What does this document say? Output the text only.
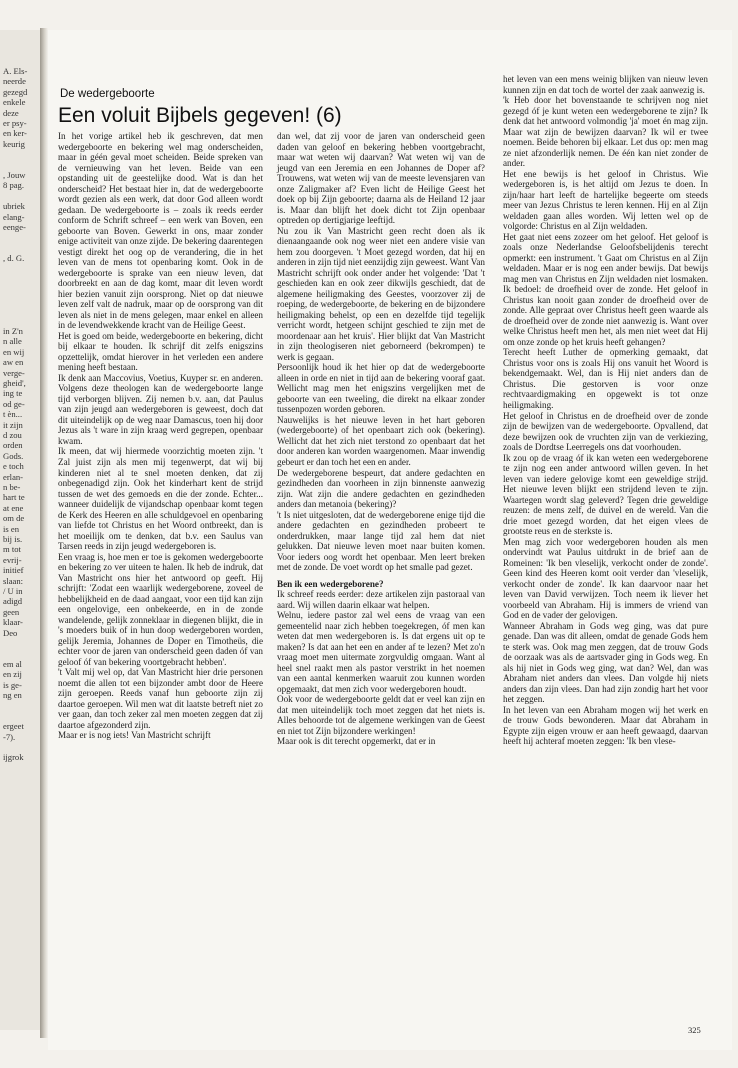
A. Els-
neerde
gezegd
enkele
deze
er psy-
en ker-
keurig
, Jouw
8 pag.
ubriek
elang-
eenge-
, d. G.
in Z'n
n alle
en wij
aw en
verge-
gheid',
ing te
od ge-
t èn...
it zijn
d zou
orden
Gods.
e toch
erlan-
n be-
hart te
at ene
om de
is en
bij is.
m tot
evrij-
initief
slaan:
/ U in
adigd
geen
klaar-
Deo
em al
en zij
is ge-
ng en
ergeet
-7).
ijgrok
De wedergeboorte
Een voluit Bijbels gegeven! (6)

In het vorige artikel heb ik geschreven, dat men wedergeboorte en bekering wel mag onderscheiden, maar in géén geval moet scheiden. Beide spreken van de vernieuwing van het leven. Beide van een opstanding uit de geestelijke dood. Wat is dan het onderscheid? Het bestaat hier in, dat de wedergeboorte wordt gezien als een werk, dat door God alleen wordt gedaan. De wedergeboorte is – zoals ik reeds eerder conform de Schrift schreef – een werk van Boven, een geboorte van Boven. Gewerkt in ons, maar zonder enige activiteit van onze zijde. De bekering daarentegen vestigt direkt het oog op de verandering, die in het leven van de mens tot openbaring komt. Ook in de wedergeboorte is sprake van een nieuw leven, dat doorbreekt en aan de dag komt, maar dit leven wordt hier bezien vanuit zijn oorsprong. Niet op dat nieuwe leven zelf valt de nadruk, maar op de oorsprong van dit leven als niet in de mens gelegen, maar enkel en alleen in de levendwekkende kracht van de Heilige Geest.

Het is goed om beide, wedergeboorte en bekering, dicht bij elkaar te houden. Ik schrijf dit zelfs enigszins opzettelijk, omdat hierover in het verleden een andere mening heeft bestaan.

Ik denk aan Maccovius, Voetius, Kuyper sr. en anderen. Volgens deze theologen kan de wedergeboorte lange tijd verborgen blijven. Zij nemen b.v. aan, dat Paulus van zijn jeugd aan wedergeboren is geweest, doch dat dit uiteindelijk op de weg naar Damascus, toen hij door Jezus als 't ware in zijn kraag werd gegrepen, openbaar kwam.

Ik meen, dat wij hiermede voorzichtig moeten zijn. 't Zal juist zijn als men mij tegenwerpt, dat wij bij kinderen niet al te snel moeten denken, dat zij onbegenadigd zijn. Ook het kinderhart kent de strijd tussen de wet des gemoeds en die der zonde. Echter... wanneer duidelijk de vijandschap openbaar komt tegen de Kerk des Heeren en alle schuldgevoel en openbaring van liefde tot Christus en het Woord ontbreekt, dan is het moeilijk om te denken, dat b.v. een Saulus van Tarsen reeds in zijn jeugd wedergeboren is.

Een vraag is, hoe men er toe is gekomen wedergeboorte en bekering zo ver uiteen te halen. Ik heb de indruk, dat Van Mastricht ons hier het antwoord op geeft. Hij schrijft: 'Zodat een waarlijk wedergeborene, zoveel de hebbelijkheid en de daad aangaat, voor een tijd kan zijn een ongelovige, een onbekeerde, en in de zonde wandelende, gelijk zonneklaar in diegenen blijkt, die in 's moeders buik of in hun doop wedergeboren worden, gelijk Jeremia, Johannes de Doper en Timotheüs, die echter voor de jaren van onderscheid geen daden óf van geloof óf van bekering voortgebracht hebben'.

't Valt mij wel op, dat Van Mastricht hier drie personen noemt die allen tot een bijzonder ambt door de Heere zijn geroepen. Reeds vanaf hun geboorte zijn zij daartoe geroepen. Wil men wat dit laatste betreft niet zo ver gaan, dan toch zeker zal men moeten zeggen dat zij daartoe afgezonderd zijn.

Maar er is nog iets! Van Mastricht schrijft

dan wel, dat zij voor de jaren van onderscheid geen daden van geloof en bekering hebben voortgebracht, maar wat weten wij daarvan? Wat weten wij van de jeugd van een Jeremia en een Johannes de Doper af? Trouwens, wat weten wij van de meeste levensjaren van onze Zaligmaker af? Even licht de Heilige Geest het doek op bij Zijn geboorte; daarna als de Heiland 12 jaar is. Maar dan blijft het doek dicht tot Zijn openbaar optreden op dertigjarige leeftijd.

Nu zou ik Van Mastricht geen recht doen als ik dienaangaande ook nog weer niet een andere visie van hem zou doorgeven. 't Moet gezegd worden, dat hij en anderen in zijn tijd niet eenzijdig zijn geweest. Want Van Mastricht schrijft ook onder ander het volgende: 'Dat 't geschieden kan en ook zeer dikwijls geschiedt, dat de algemene heiligmaking des Geestes, voorzover zij de roeping, de wedergeboorte, de bekering en de bijzondere heiligmaking behelst, op een en dezelfde tijd tegelijk verricht wordt, hetgeen schijnt geschied te zijn met de moordenaar aan het kruis'. Hier blijkt dat Van Mastricht in zijn theologiseren niet geborneerd (bekrompen) te werk is gegaan.

Persoonlijk houd ik het hier op dat de wedergeboorte alleen in orde en niet in tijd aan de bekering vooraf gaat. Wellicht mag men het enigszins vergelijken met de geboorte van een tweeling, die direkt na elkaar zonder tussenpozen worden geboren.

Nauwelijks is het nieuwe leven in het hart geboren (wedergeboorte) of het openbaart zich ook (bekering). Wellicht dat het zich niet terstond zo openbaart dat het door anderen kan worden waargenomen. Maar inwendig gebeurt er dan toch het een en ander.

De wedergeborene bespeurt, dat andere gedachten en gezindheden dan voorheen in zijn binnenste aanwezig zijn. Wat zijn die andere gedachten en gezindheden anders dan metanoia (bekering)?

't Is niet uitgesloten, dat de wedergeborene enige tijd die andere gedachten en gezindheden probeert te onderdrukken, maar lange tijd zal hem dat niet gelukken. Dat nieuwe leven moet naar buiten komen. Voor ieders oog wordt het openbaar. Men leert breken met de zonde. De voet wordt op het smalle pad gezet.

Ben ik een wedergeborene?

Ik schreef reeds eerder: deze artikelen zijn pastoraal van aard. Wij willen daarin elkaar wat helpen.

Welnu, iedere pastor zal wel eens de vraag van een gemeentelid naar zich hebben toegekregen, óf men kan weten dat men wedergeboren is. Is dat ergens uit op te maken? Is dat aan het een en ander af te lezen? Met zo'n vraag moet men uitermate zorgvuldig omgaan. Want al heel snel raakt men als pastor verstrikt in het noemen van een aantal kenmerken waaruit zou kunnen worden opgemaakt, dat men zich voor wedergeboren houdt.

Ook voor de wedergeboorte geldt dat er veel kan zijn en dat men uiteindelijk toch moet zeggen dat het niets is. Alles behoorde tot de algemene werkingen van de Geest en niet tot Zijn bijzondere werkingen!

Maar ook is dit terecht opgemerkt, dat er in

het leven van een mens weinig blijken van nieuw leven kunnen zijn en dat toch de wortel der zaak aanwezig is.

'k Heb door het bovenstaande te schrijven nog niet gezegd óf je kunt weten een wedergeborene te zijn? Ik denk dat het antwoord volmondig 'ja' moet én mag zijn. Maar wat zijn de bewijzen daarvan? Ik wil er twee noemen. Beide behoren bij elkaar. Let dus op: men mag ze niet afzonderlijk nemen. De één kan niet zonder de ander.

Het ene bewijs is het geloof in Christus. Wie wedergeboren is, is het altijd om Jezus te doen. In zijn/haar hart leeft de hartelijke begeerte om steeds meer van Jezus Christus te leren kennen. Hij en al Zijn weldaden gaan alles worden. Wij letten wel op de volgorde: Christus en al Zijn weldaden.

Het gaat niet eens zozeer om het geloof. Het geloof is zoals onze Nederlandse Geloofsbelijdenis terecht opmerkt: een instrument. 't Gaat om Christus en al Zijn weldaden. Maar er is nog een ander bewijs. Dat bewijs mag men van Christus en Zijn weldaden niet losmaken. Ik bedoel: de droefheid over de zonde. Het geloof in Christus kan nooit gaan zonder de droefheid over de zonde. Alle gepraat over Christus heeft geen waarde als de droefheid over de zonde niet aanwezig is. Want over welke Christus heeft men het, als men niet weet dat Hij om onze zonde op het kruis heeft gehangen?

Terecht heeft Luther de opmerking gemaakt, dat Christus voor ons is zoals Hij ons vanuit het Woord is bekendgemaakt. Wel, dan is Hij niet anders dan de Christus. Die gestorven is voor onze rechtvaardigmaking en opgewekt is tot onze heiligmaking.

Het geloof in Christus en de droefheid over de zonde zijn de bewijzen van de wedergeboorte. Opvallend, dat deze bewijzen ook de vruchten zijn van de verkiezing, zoals de Dordtse Leerregels ons dat voorhouden.

Ik zou op de vraag óf ik kan weten een wedergeborene te zijn nog een ander antwoord willen geven. In het leven van iedere gelovige komt een geweldige strijd. Het nieuwe leven blijkt een strijdend leven te zijn. Waartegen wordt slag geleverd? Tegen drie geweldige reuzen: de mens zelf, de duivel en de wereld. Van die drie moet gezegd worden, dat het eigen vlees de grootste reus en de sterkste is.

Men mag zich voor wedergeboren houden als men ondervindt wat Paulus uitdrukt in de brief aan de Romeinen: 'Ik ben vleselijk, verkocht onder de zonde'. Geen kind des Heeren komt ooit verder dan 'vleselijk, verkocht onder de zonde'. Ik kan daarvoor naar het leven van David verwijzen. Toch neem ik liever het voorbeeld van Abraham. Hij is immers de vriend van God en de vader der gelovigen.

Wanneer Abraham in Gods weg ging, was dat pure genade. Dan was dit alleen, omdat de genade Gods hem te sterk was. Ook mag men zeggen, dat de trouw Gods de oorzaak was als de aartsvader ging in Gods weg. En als hij niet in Gods weg ging, wat dan? Wel, dan was Abraham niet anders dan vlees. Dan volgde hij niets anders dan zijn vlees. Dan had zijn zondig hart het voor het zeggen.

In het leven van een Abraham mogen wij het werk en de trouw Gods bewonderen. Maar dat Abraham in Egypte zijn eigen vrouw er aan heeft gewaagd, daarvan heeft hij achteraf moeten zeggen: 'Ik ben vlese-

325
